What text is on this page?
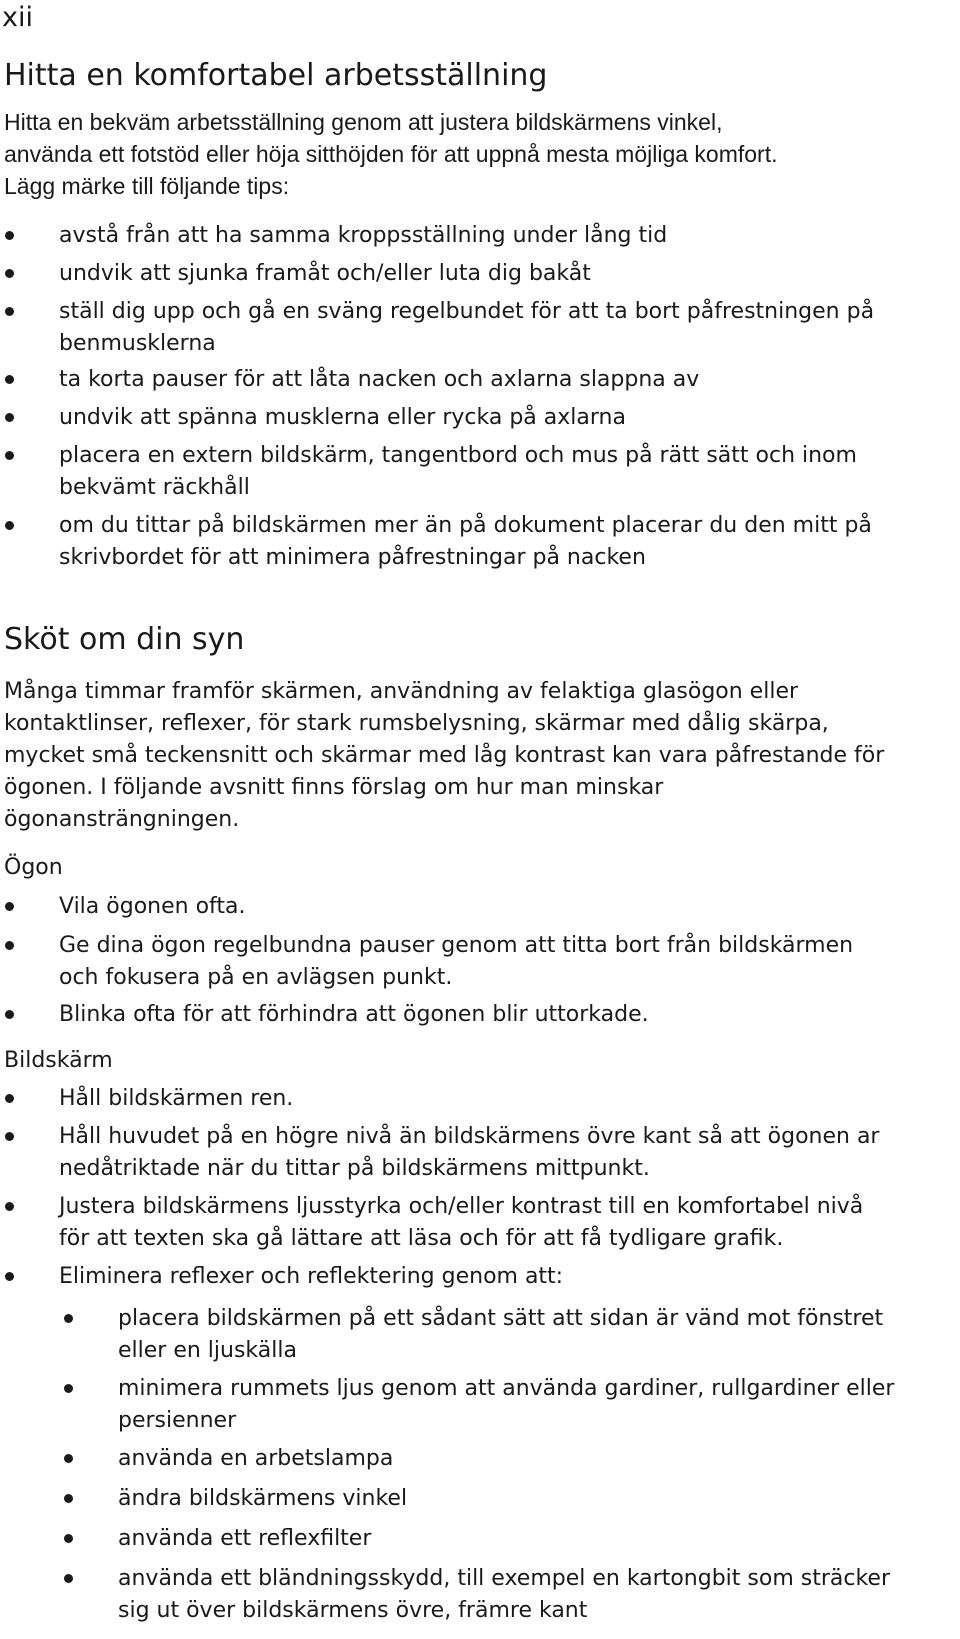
xii
Hitta en komfortabel arbetsställning
Hitta en bekväm arbetsställning genom att justera bildskärmens vinkel,
använda ett fotstöd eller höja sitthöjden för att uppnå mesta möjliga komfort.
Lägg märke till följande tips:
avstå från att ha samma kroppsställning under lång tid
undvik att sjunka framåt och/eller luta dig bakåt
ställ dig upp och gå en sväng regelbundet för att ta bort påfrestningen på
benmusklerna
ta korta pauser för att låta nacken och axlarna slappna av
undvik att spänna musklerna eller rycka på axlarna
placera en extern bildskärm, tangentbord och mus på rätt sätt och inom
bekvämt räckhåll
om du tittar på bildskärmen mer än på dokument placerar du den mitt på
skrivbordet för att minimera påfrestningar på nacken
Sköt om din syn
Många timmar framför skärmen, användning av felaktiga glasögon eller
kontaktlinser, reflexer, för stark rumsbelysning, skärmar med dålig skärpa,
mycket små teckensnitt och skärmar med låg kontrast kan vara påfrestande för
ögonen. I följande avsnitt finns förslag om hur man minskar
ögonansträngningen.
Ögon
Vila ögonen ofta.
Ge dina ögon regelbundna pauser genom att titta bort från bildskärmen
och fokusera på en avlägsen punkt.
Blinka ofta för att förhindra att ögonen blir uttorkade.
Bildskärm
Håll bildskärmen ren.
Håll huvudet på en högre nivå än bildskärmens övre kant så att ögonen ar
nedåtriktade när du tittar på bildskärmens mittpunkt.
Justera bildskärmens ljusstyrka och/eller kontrast till en komfortabel nivå
för att texten ska gå lättare att läsa och för att få tydligare grafik.
Eliminera reflexer och reflektering genom att:
placera bildskärmen på ett sådant sätt att sidan är vänd mot fönstret
eller en ljuskälla
minimera rummets ljus genom att använda gardiner, rullgardiner eller
persienner
använda en arbetslampa
ändra bildskärmens vinkel
använda ett reflexfilter
använda ett bländningsskydd, till exempel en kartongbit som sträcker
sig ut över bildskärmens övre, främre kant
